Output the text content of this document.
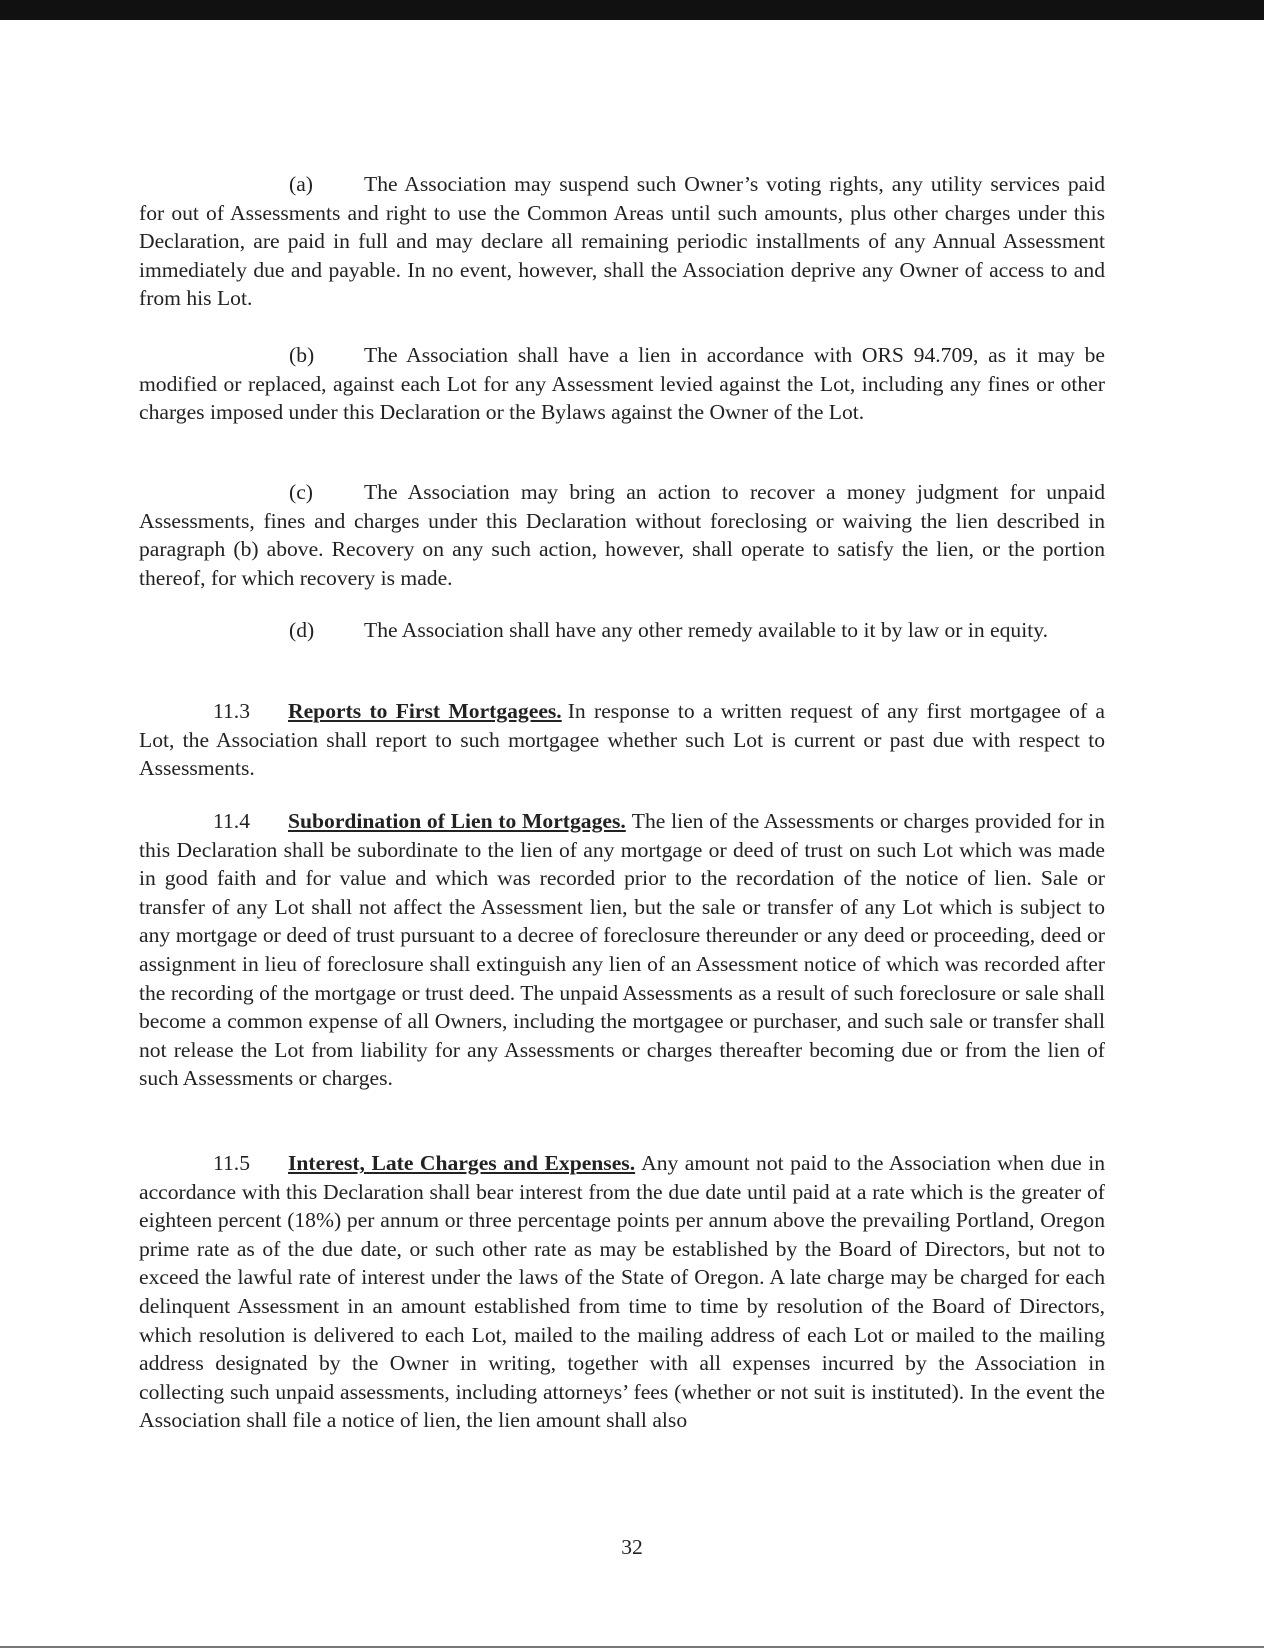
(a) The Association may suspend such Owner’s voting rights, any utility services paid for out of Assessments and right to use the Common Areas until such amounts, plus other charges under this Declaration, are paid in full and may declare all remaining periodic installments of any Annual Assessment immediately due and payable. In no event, however, shall the Association deprive any Owner of access to and from his Lot.

(b) The Association shall have a lien in accordance with ORS 94.709, as it may be modified or replaced, against each Lot for any Assessment levied against the Lot, including any fines or other charges imposed under this Declaration or the Bylaws against the Owner of the Lot.

(c) The Association may bring an action to recover a money judgment for unpaid Assessments, fines and charges under this Declaration without foreclosing or waiving the lien described in paragraph (b) above. Recovery on any such action, however, shall operate to satisfy the lien, or the portion thereof, for which recovery is made.

(d) The Association shall have any other remedy available to it by law or in equity.

11.3 Reports to First Mortgagees. In response to a written request of any first mortgagee of a Lot, the Association shall report to such mortgagee whether such Lot is current or past due with respect to Assessments.

11.4 Subordination of Lien to Mortgages. The lien of the Assessments or charges provided for in this Declaration shall be subordinate to the lien of any mortgage or deed of trust on such Lot which was made in good faith and for value and which was recorded prior to the recordation of the notice of lien. Sale or transfer of any Lot shall not affect the Assessment lien, but the sale or transfer of any Lot which is subject to any mortgage or deed of trust pursuant to a decree of foreclosure thereunder or any deed or proceeding, deed or assignment in lieu of foreclosure shall extinguish any lien of an Assessment notice of which was recorded after the recording of the mortgage or trust deed. The unpaid Assessments as a result of such foreclosure or sale shall become a common expense of all Owners, including the mortgagee or purchaser, and such sale or transfer shall not release the Lot from liability for any Assessments or charges thereafter becoming due or from the lien of such Assessments or charges.

11.5 Interest, Late Charges and Expenses. Any amount not paid to the Association when due in accordance with this Declaration shall bear interest from the due date until paid at a rate which is the greater of eighteen percent (18%) per annum or three percentage points per annum above the prevailing Portland, Oregon prime rate as of the due date, or such other rate as may be established by the Board of Directors, but not to exceed the lawful rate of interest under the laws of the State of Oregon. A late charge may be charged for each delinquent Assessment in an amount established from time to time by resolution of the Board of Directors, which resolution is delivered to each Lot, mailed to the mailing address of each Lot or mailed to the mailing address designated by the Owner in writing, together with all expenses incurred by the Association in collecting such unpaid assessments, including attorneys’ fees (whether or not suit is instituted). In the event the Association shall file a notice of lien, the lien amount shall also

32
